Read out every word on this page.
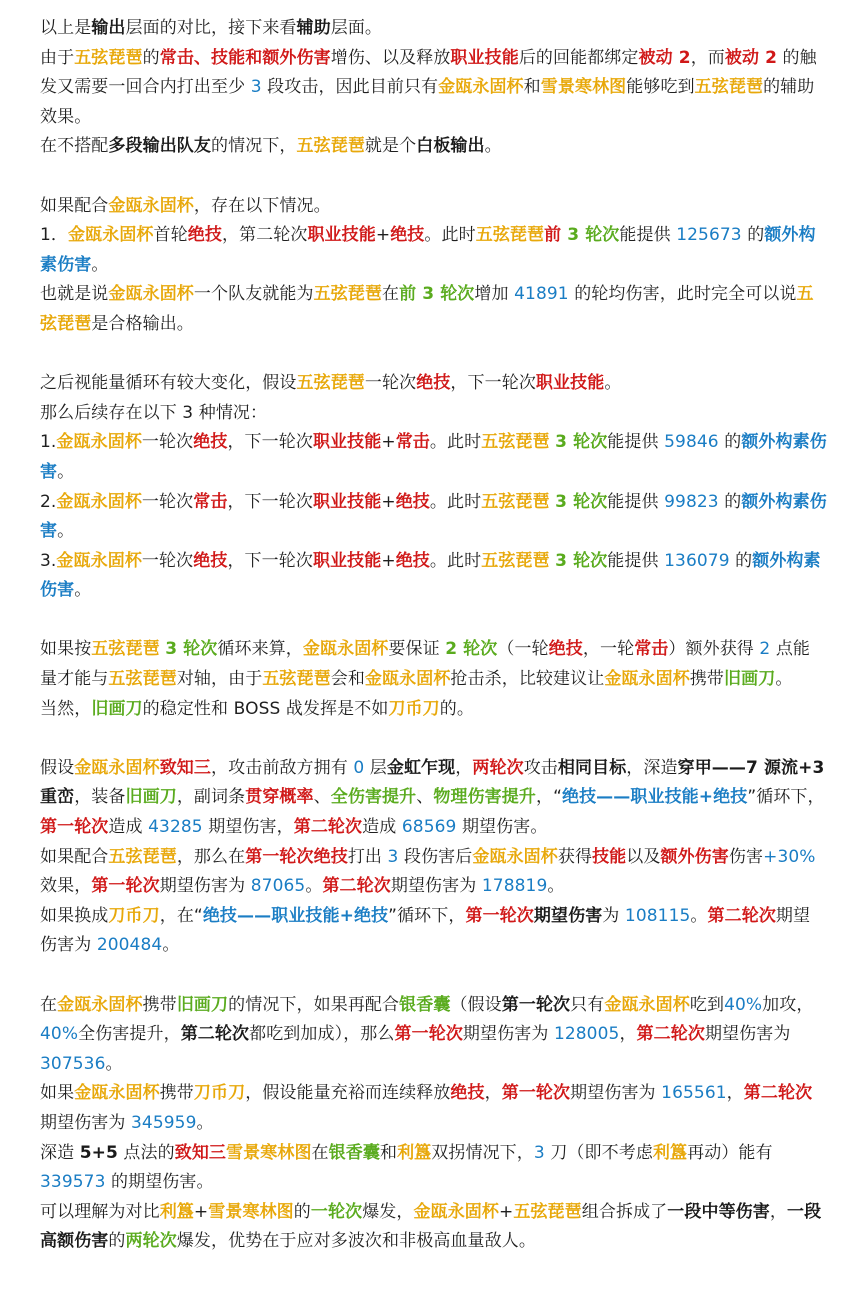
以上是输出层面的对比，接下来看辅助层面。

由于五弦琵琶的常击、技能和额外伤害增伤、以及释放职业技能后的回能都绑定被动 2，而被动 2 的触发又需要一回合内打出至少 3 段攻击，因此目前只有金瓯永固杯和雪景寒林图能够吃到五弦琵琶的辅助效果。

在不搭配多段输出队友的情况下，五弦琵琶就是个白板输出。

如果配合金瓯永固杯，存在以下情况。

1．金瓯永固杯首轮绝技，第二轮次职业技能+绝技。此时五弦琵琶前 3 轮次能提供 125673 的额外构素伤害。

也就是说金瓯永固杯一个队友就能为五弦琵琶在前 3 轮次增加 41891 的轮均伤害，此时完全可以说五弦琵琶是合格输出。

之后视能量循环有较大变化，假设五弦琵琶一轮次绝技，下一轮次职业技能。

那么后续存在以下 3 种情况：

1.金瓯永固杯一轮次绝技，下一轮次职业技能+常击。此时五弦琵琶 3 轮次能提供 59846 的额外构素伤害。

2.金瓯永固杯一轮次常击，下一轮次职业技能+绝技。此时五弦琵琶 3 轮次能提供 99823 的额外构素伤害。

3.金瓯永固杯一轮次绝技，下一轮次职业技能+绝技。此时五弦琵琶 3 轮次能提供 136079 的额外构素伤害。

如果按五弦琵琶 3 轮次循环来算，金瓯永固杯要保证 2 轮次（一轮绝技，一轮常击）额外获得 2 点能量才能与五弦琵琶对轴，由于五弦琵琶会和金瓯永固杯抢击杀，比较建议让金瓯永固杯携带旧画刀。

当然，旧画刀的稳定性和 BOSS 战发挥是不如刀币刀的。

假设金瓯永固杯致知三，攻击前敌方拥有 0 层金虹乍现，两轮次攻击相同目标，深造穿甲——7 源流+3 重峦，装备旧画刀，副词条贯穿概率、全伤害提升、物理伤害提升，“绝技——职业技能+绝技”循环下，第一轮次造成 43285 期望伤害，第二轮次造成 68569 期望伤害。

如果配合五弦琵琶，那么在第一轮次绝技打出 3 段伤害后金瓯永固杯获得技能以及额外伤害伤害+30%效果，第一轮次期望伤害为 87065。第二轮次期望伤害为 178819。

如果换成刀币刀，在“绝技——职业技能+绝技”循环下，第一轮次期望伤害为 108115。第二轮次期望伤害为 200484。

在金瓯永固杯携带旧画刀的情况下，如果再配合银香囊（假设第一轮次只有金瓯永固杯吃到40%加攻，40%全伤害提升，第二轮次都吃到加成），那么第一轮次期望伤害为 128005，第二轮次期望伤害为 307536。

如果金瓯永固杯携带刀币刀，假设能量充裕而连续释放绝技，第一轮次期望伤害为 165561，第二轮次期望伤害为 345959。

深造 5+5 点法的致知三雪景寒林图在银香囊和利簋双拐情况下，3 刀（即不考虑利簋再动）能有 339573 的期望伤害。

可以理解为对比利簋+雪景寒林图的一轮次爆发，金瓯永固杯+五弦琵琶组合拆成了一段中等伤害，一段高额伤害的两轮次爆发，优势在于应对多波次和非极高血量敌人。
